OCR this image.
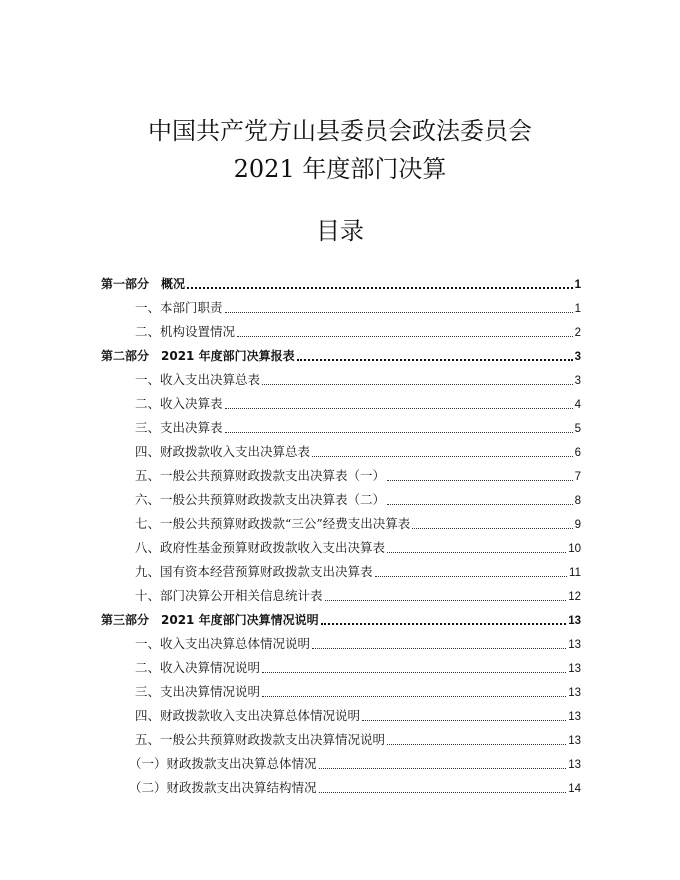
中国共产党方山县委员会政法委员会
2021 年度部门决算
目录
第一部分　概况	1
一、本部门职责	1
二、机构设置情况	2
第二部分　2021 年度部门决算报表	3
一、收入支出决算总表	3
二、收入决算表	4
三、支出决算表	5
四、财政拨款收入支出决算总表	6
五、一般公共预算财政拨款支出决算表（一）	7
六、一般公共预算财政拨款支出决算表（二）	8
七、一般公共预算财政拨款“三公”经费支出决算表	9
八、政府性基金预算财政拨款收入支出决算表	10
九、国有资本经营预算财政拨款支出决算表	11
十、部门决算公开相关信息统计表	12
第三部分　2021 年度部门决算情况说明	13
一、收入支出决算总体情况说明	13
二、收入决算情况说明	13
三、支出决算情况说明	13
四、财政拨款收入支出决算总体情况说明	13
五、一般公共预算财政拨款支出决算情况说明	13
（一）财政拨款支出决算总体情况	13
（二）财政拨款支出决算结构情况	14
